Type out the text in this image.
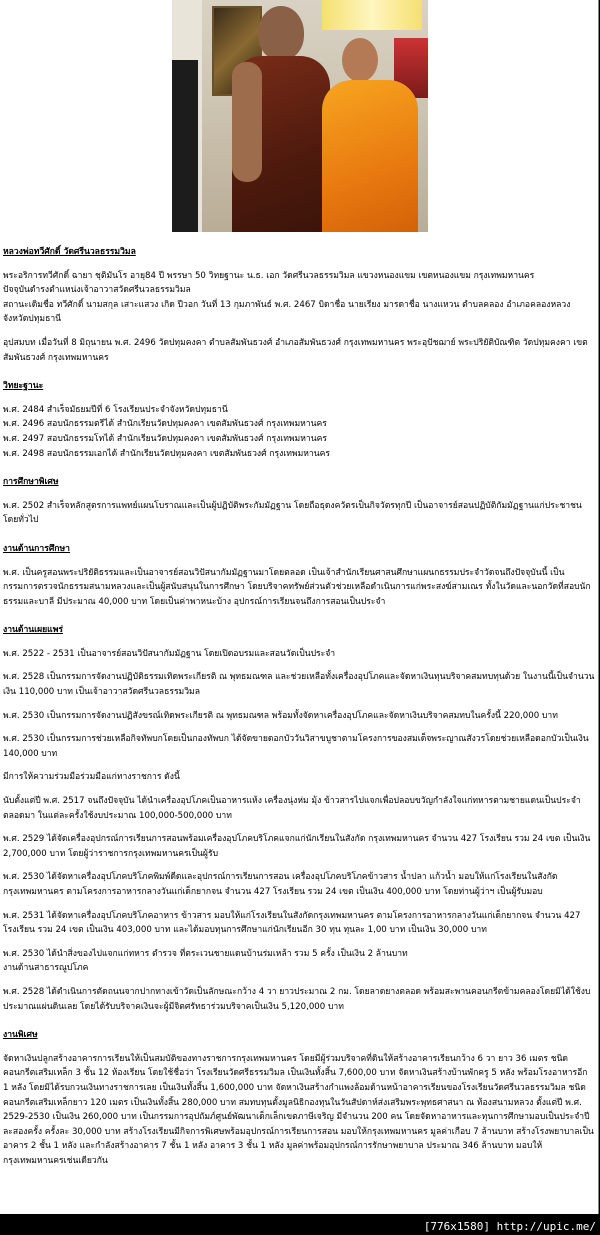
หลวงพ่อทวีศักดิ์ วัดศรีนวลธรรมวิมล

พระอริการทวีศักดิ์ ฉายา ชุติมันโร อายุ84 ปี พรรษา 50 วิทยฐานะ น.ธ. เอก วัดศรีนวลธรรมวิมล แขวงหนองแขม เขตหนองแขม กรุงเทพมหานคร

ปัจจุบันดำรงตำแหน่งเจ้าอาวาสวัดศรีนวลธรรมวิมล

สถานะเดิมชื่อ ทวีศักดิ์ นามสกุล เสาะแสวง เกิด ปีวอก วันที่ 13 กุมภาพันธ์ พ.ศ. 2467 บิดาชื่อ นายเรียง มารดาชื่อ นางแหวน ตำบลคลอง อำเภอคลองหลวง จังหวัดปทุมธานี

อุปสมบท เมื่อวันที่ 8 มิถุนายน พ.ศ. 2496 วัดปทุมคงคา ตำบลสัมพันธวงศ์ อำเภอสัมพันธวงศ์ กรุงเทพมหานคร พระอุปัชฌาย์ พระปริยัติบัณฑิต วัดปทุมคงคา เขตสัมพันธวงศ์ กรุงเทพมหานคร

วิทยะฐานะ

พ.ศ. 2484 สำเร็จมัธยมปีที่ 6 โรงเรียนประจำจังหวัดปทุมธานี

พ.ศ. 2496 สอบนักธรรมตรีได้ สำนักเรียนวัดปทุมคงคา เขตสัมพันธวงศ์ กรุงเทพมหานคร

พ.ศ. 2497 สอบนักธรรมโทได้ สำนักเรียนวัดปทุมคงคา เขตสัมพันธวงศ์ กรุงเทพมหานคร

พ.ศ. 2498 สอบนักธรรมเอกได้ สำนักเรียนวัดปทุมคงคา เขตสัมพันธวงศ์ กรุงเทพมหานคร

การศึกษาพิเศษ

พ.ศ. 2502 สำเร็จหลักสูตรการแพทย์แผนโบราณและเป็นผู้ปฏิบัติพระกัมมัฏฐาน โดยถือธุดงควัตรเป็นกิจวัตรทุกปี เป็นอาจารย์สอนปฏิบัติกัมมัฏฐานแก่ประชาชนโดยทั่วไป

งานด้านการศึกษา

พ.ศ. เป็นครูสอนพระปริยัติธรรมและเป็นอาจารย์สอนวิปัสนากัมมัฏฐานมาโดยตลอด เป็นเจ้าสำนักเรียนศาสนศึกษาแผนกธรรมประจำวัดจนถึงปัจจุบันนี้ เป็นกรรมการตรวจนักธรรมสนามหลวงและเป็นผู้สนับสนุนในการศึกษา โดยบริจาคทรัพย์ส่วนตัวช่วยเหลือดำเนินการแก่พระสงฆ์สามเณร ทั้งในวัดและนอกวัดที่สอบนักธรรมและบาลี มีประมาณ 40,000 บาท โดยเป็นค่าพาหนะบ้าง อุปกรณ์การเรียนจนถึงการสอนเป็นประจำ

งานด้านเผยแพร่

พ.ศ. 2522 - 2531 เป็นอาจารย์สอนวิปัสนากัมมัฏฐาน โดยเปิดอบรมและสอนวัดเป็นประจำ

พ.ศ. 2528 เป็นกรรมการจัดงานปฏิบัติธรรมเทิดพระเกียรติ ณ พุทธมณฑล และช่วยเหลือทั้งเครื่องอุปโภคและจัดหาเงินทุนบริจาคสมทบทุนด้วย ในงานนี้เป็นจำนวนเงิน 110,000 บาท เป็นเจ้าอาวาสวัดศรีนวลธรรมวิมล

พ.ศ. 2530 เป็นกรรมการจัดงานปฏิสังขรณ์เทิดพระเกียรติ ณ พุทธมณฑล พร้อมทั้งจัดหาเครื่องอุปโภคและจัดหาเงินบริจาคสมทบในครั้งนี้ 220,000 บาท

พ.ศ. 2530 เป็นกรรมการช่วยเหลือกิจทัพบกโดยเป็นกองทัพบก ได้จัดขายดอกบัววันวิสาขบูชาตามโครงการของสมเด็จพระญาณสังวรโดยช่วยเหลือดอกบัวเป็นเงิน 140,000 บาท

มีการให้ความร่วมมือร่วมมือแก่ทางราชการ ดังนี้

นับตั้งแต่ปี พ.ศ. 2517 จนถึงปัจจุบัน ได้นำเครื่องอุปโภคเป็นอาหารแห้ง เครื่องนุ่งห่ม มุ้ง ข้าวสารไปแจกเพื่อปลอบขวัญกำลังใจแก่ทหารตามชายแดนเป็นประจำตลอดมา ในแต่ละครั้งใช้งบประมาณ 100,000-500,000 บาท

พ.ศ. 2529 ได้จัดเครื่องอุปกรณ์การเรียนการสอนพร้อมเครื่องอุปโภคบริโภคแจกแก่นักเรียนในสังกัด กรุงเทพมหานคร จำนวน 427 โรงเรียน รวม 24 เขต เป็นเงิน 2,700,000 บาท โดยผู้ว่าราชการกรุงเทพมหานครเป็นผู้รับ

พ.ศ. 2530 ได้จัดหาเครื่องอุปโภคบริโภคพิมพ์ดีดและอุปกรณ์การเรียนการสอน เครื่องอุปโภคบริโภคข้าวสาร น้ำปลา แก้วน้ำ มอบให้แก่โรงเรียนในสังกัดกรุงเทพมหานคร ตามโครงการอาหารกลางวันแก่เด็กยากจน จำนวน 427 โรงเรียน รวม 24 เขต เป็นเงิน 400,000 บาท โดยท่านผู้ว่าฯ เป็นผู้รับมอบ

พ.ศ. 2531 ได้จัดหาเครื่องอุปโภคบริโภคอาหาร ข้าวสาร มอบให้แก่โรงเรียนในสังกัดกรุงเทพมหานคร ตามโครงการอาหารกลางวันแก่เด็กยากจน จำนวน 427 โรงเรียน รวม 24 เขต เป็นเงิน 403,000 บาท และได้มอบทุนการศึกษาแก่นักเรียนอีก 30 ทุน ทุนละ 1,00 บาท เป็นเงิน 30,000 บาท

พ.ศ. 2530 ได้นำสิ่งของไปแจกแก่ทหาร ตำรวจ ที่ตระเวนชายแดนบ้านร่มเหล้า รวม 5 ครั้ง เป็นเงิน 2 ล้านบาท

งานด้านสาธารณูปโภค

พ.ศ. 2528 ได้ดำเนินการตัดถนนจากปากทางเข้าวัดเป็นลักษณะกว้าง 4 วา ยาวประมาณ 2 กม. โดยลาดยางตลอด พร้อมสะพานคอนกรีตข้ามคลองโดยมิได้ใช้งบประมาณแผ่นดินเลย โดยได้รับบริจาคเงินจะผู้มีจิตศรัทธาร่วมบริจาคเป็นเงิน 5,120,000 บาท

งานพิเศษ

จัดหาเงินปลูกสร้างอาคารการเรียนให้เป็นสมบัติของทางราชการกรุงเทพมหานคร โดยมีผู้ร่วมบริจาคที่ดินให้สร้างอาคารเรียนกว้าง 6 วา ยาว 36 เมตร ชนิดคอนกรีตเสริมเหล็ก 3 ชั้น 12 ห้องเรียน โดยใช้ชื่อว่า โรงเรียนวัดศรีธรรมวิมล เป็นเงินทั้งสิ้น 7,600,00 บาท จัดหาเงินสร้างบ้านพักครู 5 หลัง พร้อมโรงอาหารอีก 1 หลัง โดยมิได้รบกวนเงินทางราชการเลย เป็นเงินทั้งสิ้น 1,600,000 บาท จัดหาเงินสร้างกำแพงล้อมด้านหน้าอาคารเรียนของโรงเรียนวัดศรีนวลธรรมวิมล ชนิดคอนกรีตเสริมเหล็กยาว 120 เมตร เป็นเงินทั้งสิ้น 280,000 บาท สมทบทุนตั้งมูลนิธิกองทุนในวันสัปดาห์ส่งเสริมพระพุทธศาสนา ณ ท้องสนามหลวง ตั้งแต่ปี พ.ศ. 2529-2530 เป็นเงิน 260,000 บาท เป็นกรรมการอุปถัมภ์ศูนย์พัฒนาเด็กเล็กเขตภาษีเจริญ มีจำนวน 200 คน โดยจัดหาอาหารและทุนการศึกษามอบเป็นประจำปีละสองครั้ง ครั้งละ 30,000 บาท สร้างโรงเรียนมีกิจการพิเศษพร้อมอุปกรณ์การเรียนการสอน มอบให้กรุงเทพมหานคร มูลค่าเกือบ 7 ล้านบาท สร้างโรงพยาบาลเป็นอาคาร 2 ชั้น 1 หลัง และกำลังสร้างอาคาร 7 ชั้น 1 หลัง อาคาร 3 ชั้น 1 หลัง มูลค่าพร้อมอุปกรณ์การรักษาพยาบาล ประมาณ 346 ล้านบาท มอบให้กรุงเทพมหานครเช่นเดียวกัน

[776x1580] http://upic.me/
